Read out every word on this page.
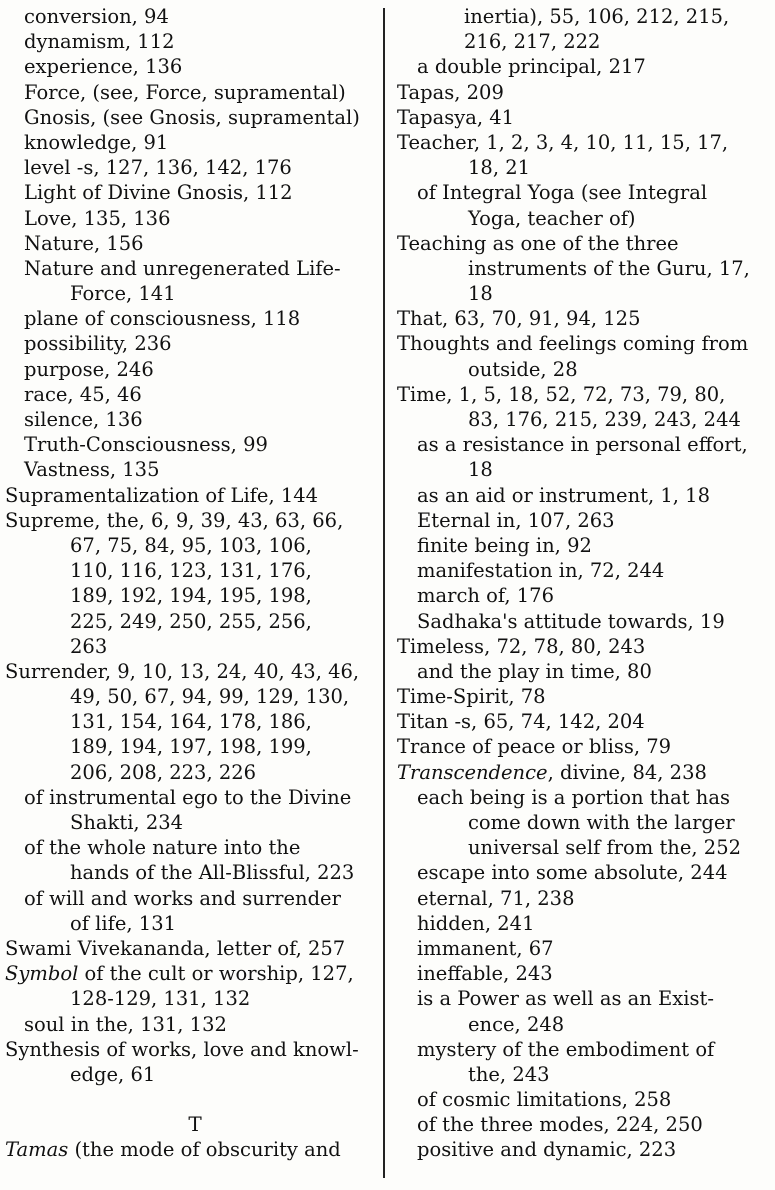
conversion, 94
dynamism, 112
experience, 136
Force, (see, Force, supramental)
Gnosis, (see Gnosis, supramental)
knowledge, 91
level -s, 127, 136, 142, 176
Light of Divine Gnosis, 112
Love, 135, 136
Nature, 156
Nature and unregenerated Life-
Force, 141
plane of consciousness, 118
possibility, 236
purpose, 246
race, 45, 46
silence, 136
Truth-Consciousness, 99
Vastness, 135
Supramentalization of Life, 144
Supreme, the, 6, 9, 39, 43, 63, 66,
67, 75, 84, 95, 103, 106,
110, 116, 123, 131, 176,
189, 192, 194, 195, 198,
225, 249, 250, 255, 256,
263
Surrender, 9, 10, 13, 24, 40, 43, 46,
49, 50, 67, 94, 99, 129, 130,
131, 154, 164, 178, 186,
189, 194, 197, 198, 199,
206, 208, 223, 226
of instrumental ego to the Divine
Shakti, 234
of the whole nature into the
hands of the All-Blissful, 223
of will and works and surrender
of life, 131
Swami Vivekananda, letter of, 257
Symbol of the cult or worship, 127,
128-129, 131, 132
soul in the, 131, 132
Synthesis of works, love and knowl-
edge, 61

T
Tamas (the mode of obscurity and
inertia), 55, 106, 212, 215,
216, 217, 222
a double principal, 217
Tapas, 209
Tapasya, 41
Teacher, 1, 2, 3, 4, 10, 11, 15, 17,
18, 21
of Integral Yoga (see Integral
Yoga, teacher of)
Teaching as one of the three
instruments of the Guru, 17,
18
That, 63, 70, 91, 94, 125
Thoughts and feelings coming from
outside, 28
Time, 1, 5, 18, 52, 72, 73, 79, 80,
83, 176, 215, 239, 243, 244
as a resistance in personal effort,
18
as an aid or instrument, 1, 18
Eternal in, 107, 263
finite being in, 92
manifestation in, 72, 244
march of, 176
Sadhaka's attitude towards, 19
Timeless, 72, 78, 80, 243
and the play in time, 80
Time-Spirit, 78
Titan -s, 65, 74, 142, 204
Trance of peace or bliss, 79
Transcendence, divine, 84, 238
each being is a portion that has
come down with the larger
universal self from the, 252
escape into some absolute, 244
eternal, 71, 238
hidden, 241
immanent, 67
ineffable, 243
is a Power as well as an Exist-
ence, 248
mystery of the embodiment of
the, 243
of cosmic limitations, 258
of the three modes, 224, 250
positive and dynamic, 223
